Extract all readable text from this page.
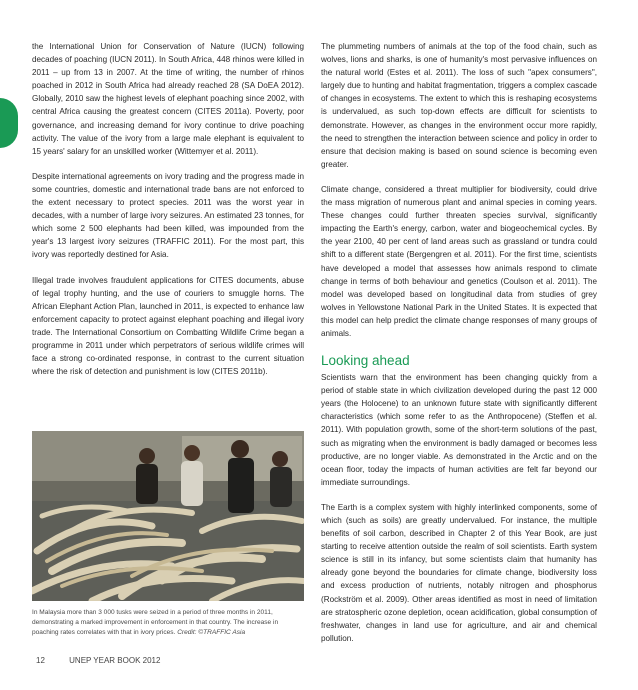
the International Union for Conservation of Nature (IUCN) following decades of poaching (IUCN 2011). In South Africa, 448 rhinos were killed in 2011 – up from 13 in 2007. At the time of writing, the number of rhinos poached in 2012 in South Africa had already reached 28 (SA DoEA 2012). Globally, 2010 saw the highest levels of elephant poaching since 2002, with central Africa causing the greatest concern (CITES 2011a). Poverty, poor governance, and increasing demand for ivory continue to drive poaching activity. The value of the ivory from a large male elephant is equivalent to 15 years' salary for an unskilled worker (Wittemyer et al. 2011).

Despite international agreements on ivory trading and the progress made in some countries, domestic and international trade bans are not enforced to the extent necessary to protect species. 2011 was the worst year in decades, with a number of large ivory seizures. An estimated 23 tonnes, for which some 2 500 elephants had been killed, was impounded from the year's 13 largest ivory seizures (TRAFFIC 2011). For the most part, this ivory was reportedly destined for Asia.

Illegal trade involves fraudulent applications for CITES documents, abuse of legal trophy hunting, and the use of couriers to smuggle horns. The African Elephant Action Plan, launched in 2011, is expected to enhance law enforcement capacity to protect against elephant poaching and illegal ivory trade. The International Consortium on Combatting Wildlife Crime began a programme in 2011 under which perpetrators of serious wildlife crimes will face a strong co-ordinated response, in contrast to the current situation where the risk of detection and punishment is low (CITES 2011b).

In Malaysia more than 3 000 tusks were seized in a period of three months in 2011, demonstrating a marked improvement in enforcement in that country. The increase in poaching rates correlates with that in ivory prices. Credit: ©TRAFFIC Asia

The plummeting numbers of animals at the top of the food chain, such as wolves, lions and sharks, is one of humanity's most pervasive influences on the natural world (Estes et al. 2011). The loss of such "apex consumers", largely due to hunting and habitat fragmentation, triggers a complex cascade of changes in ecosystems. The extent to which this is reshaping ecosystems is undervalued, as such top-down effects are difficult for scientists to demonstrate. However, as changes in the environment occur more rapidly, the need to strengthen the interaction between science and policy in order to ensure that decision making is based on sound science is becoming even greater.

Climate change, considered a threat multiplier for biodiversity, could drive the mass migration of numerous plant and animal species in coming years. These changes could further threaten species survival, significantly impacting the Earth's energy, carbon, water and biogeochemical cycles. By the year 2100, 40 per cent of land areas such as grassland or tundra could shift to a different state (Bergengren et al. 2011). For the first time, scientists have developed a model that assesses how animals respond to climate change in terms of both behaviour and genetics (Coulson et al. 2011). The model was developed based on longitudinal data from studies of grey wolves in Yellowstone National Park in the United States. It is expected that this model can help predict the climate change responses of many groups of animals.

Looking ahead

Scientists warn that the environment has been changing quickly from a period of stable state in which civilization developed during the past 12 000 years (the Holocene) to an unknown future state with significantly different characteristics (which some refer to as the Anthropocene) (Steffen et al. 2011). With population growth, some of the short-term solutions of the past, such as migrating when the environment is badly damaged or becomes less productive, are no longer viable. As demonstrated in the Arctic and on the ocean floor, today the impacts of human activities are felt far beyond our immediate surroundings.

The Earth is a complex system with highly interlinked components, some of which (such as soils) are greatly undervalued. For instance, the multiple benefits of soil carbon, described in Chapter 2 of this Year Book, are just starting to receive attention outside the realm of soil scientists. Earth system science is still in its infancy, but some scientists claim that humanity has already gone beyond the boundaries for climate change, biodiversity loss and excess production of nutrients, notably nitrogen and phosphorus (Rockström et al. 2009). Other areas identified as most in need of limitation are stratospheric ozone depletion, ocean acidification, global consumption of freshwater, changes in land use for agriculture, and air and chemical pollution.

12	UNEP YEAR BOOK 2012
